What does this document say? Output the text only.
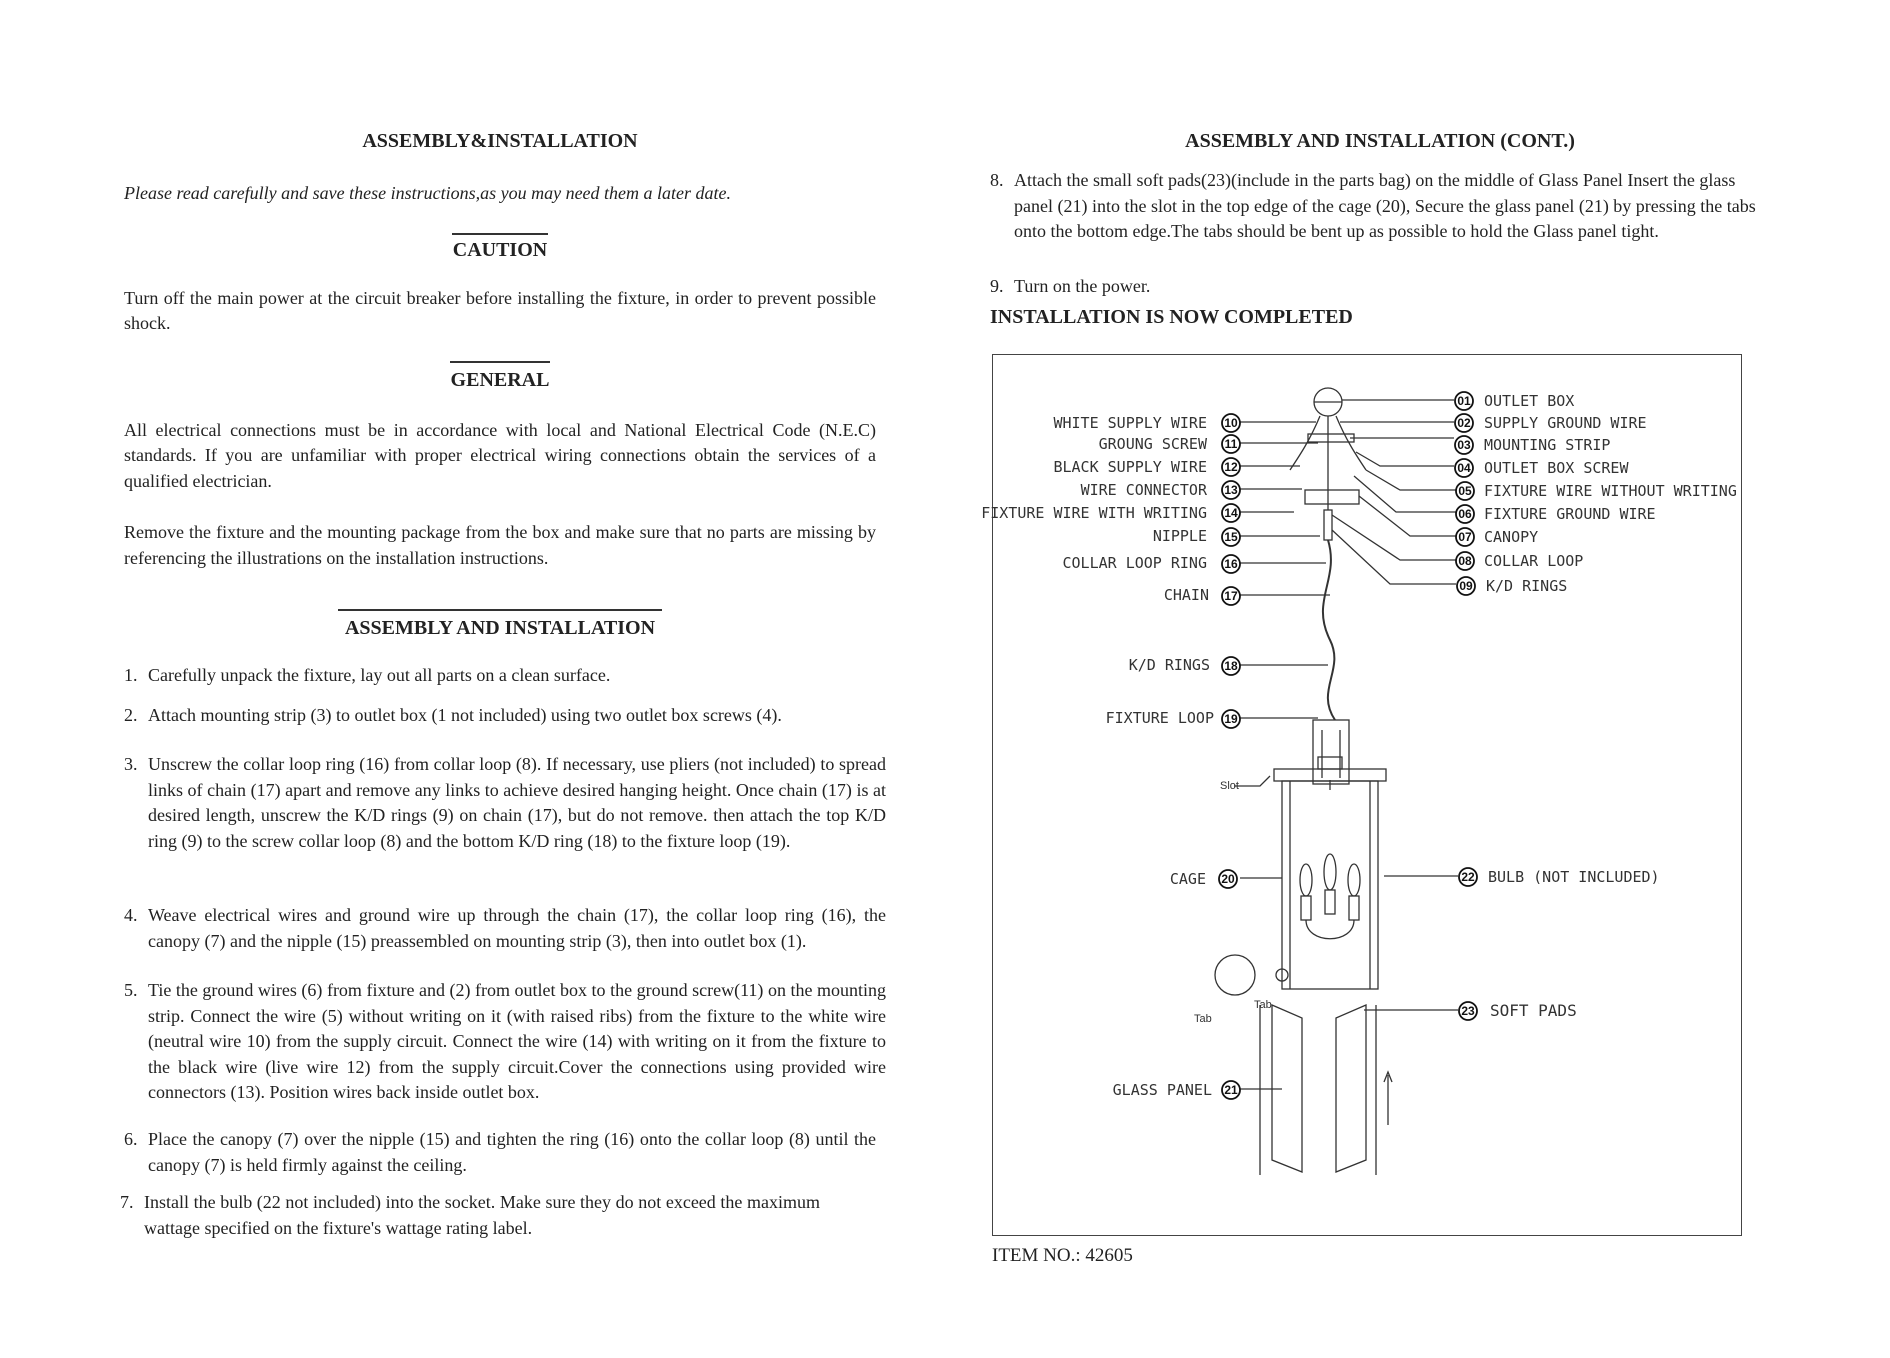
ASSEMBLY&INSTALLATION

Please read carefully and save these instructions,as you may need them a later date.

CAUTION

Turn off the main power at the circuit breaker before installing the fixture, in order to prevent possible shock.

GENERAL

All electrical connections must be in accordance with local and National Electrical Code (N.E.C) standards. If you are unfamiliar with proper electrical wiring connections obtain the services of a qualified electrician.

Remove the fixture and the mounting package from the box and make sure that no parts are missing by referencing the illustrations on the installation instructions.

ASSEMBLY AND INSTALLATION
1. Carefully unpack the fixture, lay out all parts on a clean surface.
2. Attach mounting strip (3) to outlet box (1 not included) using two outlet box screws (4).
3. Unscrew the collar loop ring (16) from collar loop (8). If necessary, use pliers (not included) to spread links of chain (17) apart and remove any links to achieve desired hanging height. Once chain (17) is at desired length, unscrew the K/D rings (9) on chain (17), but do not remove. then attach the top K/D ring (9) to the screw collar loop (8) and the bottom K/D ring (18) to the fixture loop (19).
4. Weave electrical wires and ground wire up through the chain (17), the collar loop ring (16), the canopy (7) and the nipple (15) preassembled on mounting strip (3), then into outlet box (1).
5. Tie the ground wires (6) from fixture and (2) from outlet box to the ground screw(11) on the mounting strip. Connect the wire (5) without writing on it (with raised ribs) from the fixture to the white wire (neutral wire 10) from the supply circuit. Connect the wire (14) with writing on it from the fixture to the black wire (live wire 12) from the supply circuit.Cover the connections using provided wire connectors (13). Position wires back inside outlet box.
6. Place the canopy (7) over the nipple (15) and tighten the ring (16) onto the collar loop (8) until the canopy (7) is held firmly against the ceiling.
7. Install the bulb (22 not included) into the socket. Make sure they do not exceed the maximum wattage specified on the fixture's wattage rating label.
ASSEMBLY AND INSTALLATION (CONT.)
8. Attach the small soft pads(23)(include in the parts bag) on the middle of Glass Panel Insert the glass panel (21) into the slot in the top edge of the cage (20), Secure the glass panel (21) by pressing the tabs onto the bottom edge.The tabs should be bent up as possible to hold the Glass panel tight.
9. Turn on the power.
INSTALLATION IS NOW COMPLETED
WHITE SUPPLY WIRE
GROUNG SCREW
BLACK SUPPLY WIRE
WIRE CONNECTOR
FIXTURE WIRE WITH WRITING
NIPPLE
COLLAR LOOP RING
CHAIN
K/D RINGS
FIXTURE LOOP
CAGE
GLASS PANEL
10
11
12
13
14
15
16
17
18
19
20
21
01
02
03
04
05
06
07
08
09
22
23
OUTLET BOX
SUPPLY GROUND WIRE
MOUNTING STRIP
OUTLET BOX SCREW
FIXTURE WIRE WITHOUT WRITING
FIXTURE GROUND WIRE
CANOPY
COLLAR LOOP
K/D RINGS
BULB (NOT INCLUDED)
SOFT PADS
Slot
Tab
Tab
ITEM NO.: 42605
